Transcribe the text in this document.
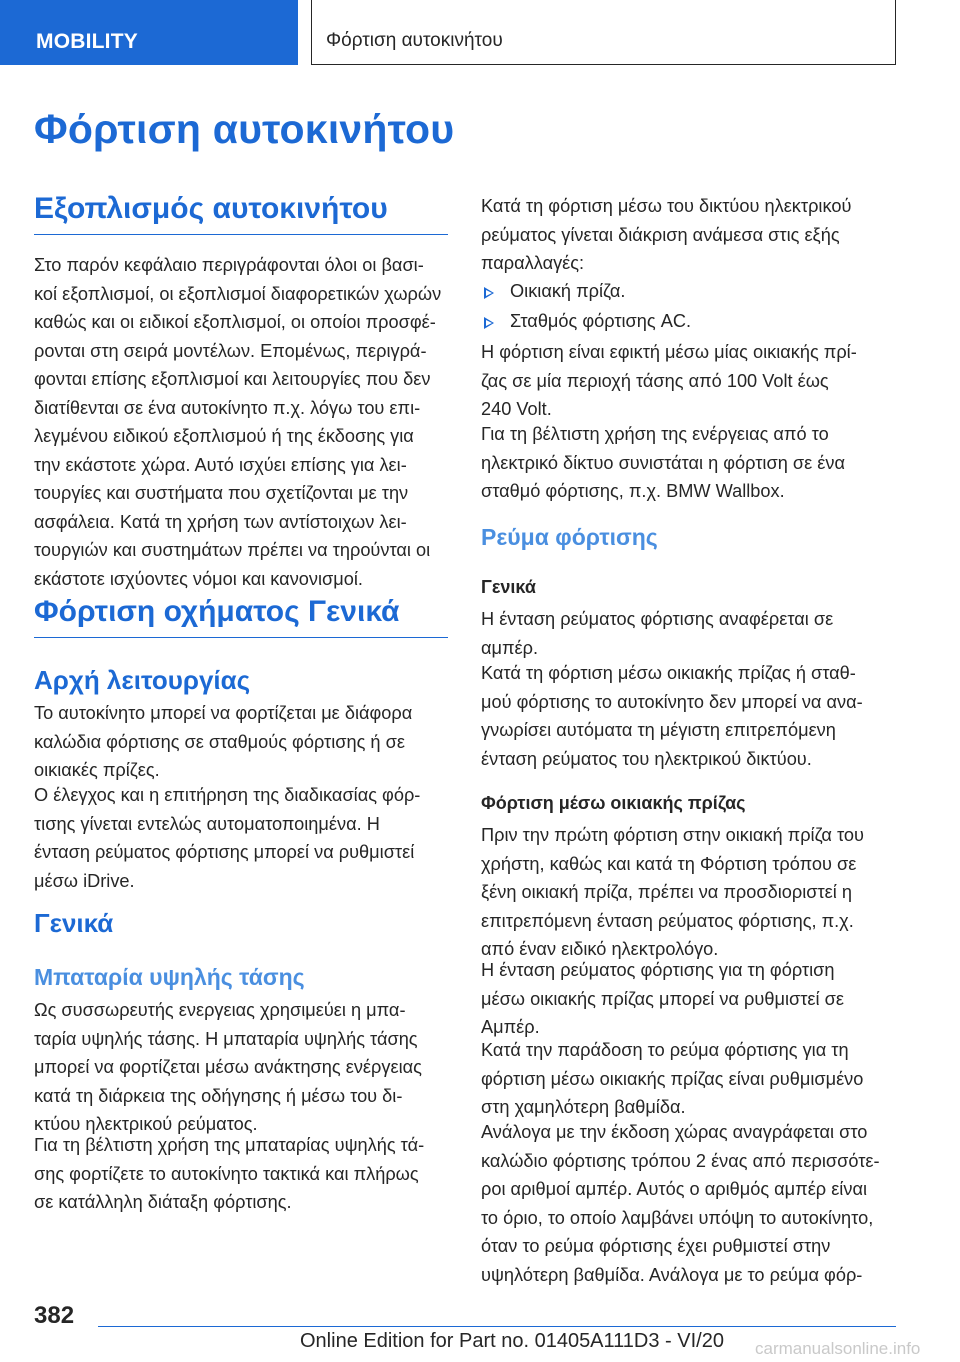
MOBILITY	Φόρτιση αυτοκινήτου
Φόρτιση αυτοκινήτου
Εξοπλισμός αυτοκινήτου
Στο παρόν κεφάλαιο περιγράφονται όλοι οι βασι‐
κοί εξοπλισμοί, οι εξοπλισμοί διαφορετικών χωρών
καθώς και οι ειδικοί εξοπλισμοί, οι οποίοι προσφέ‐
ρονται στη σειρά μοντέλων. Επομένως, περιγρά‐
φονται επίσης εξοπλισμοί και λειτουργίες που δεν
διατίθενται σε ένα αυτοκίνητο π.χ. λόγω του επι‐
λεγμένου ειδικού εξοπλισμού ή της έκδοσης για
την εκάστοτε χώρα. Αυτό ισχύει επίσης για λει‐
τουργίες και συστήματα που σχετίζονται με την
ασφάλεια. Κατά τη χρήση των αντίστοιχων λει‐
τουργιών και συστημάτων πρέπει να τηρούνται οι
εκάστοτε ισχύοντες νόμοι και κανονισμοί.
Φόρτιση οχήματος Γενικά
Αρχή λειτουργίας
Το αυτοκίνητο μπορεί να φορτίζεται με διάφορα
καλώδια φόρτισης σε σταθμούς φόρτισης ή σε
οικιακές πρίζες.
Ο έλεγχος και η επιτήρηση της διαδικασίας φόρ‐
τισης γίνεται εντελώς αυτοματοποιημένα. Η
ένταση ρεύματος φόρτισης μπορεί να ρυθμιστεί
μέσω iDrive.
Γενικά
Μπαταρία υψηλής τάσης
Ως συσσωρευτής ενεργειας χρησιμεύει η μπα‐
ταρία υψηλής τάσης. Η μπαταρία υψηλής τάσης
μπορεί να φορτίζεται μέσω ανάκτησης ενέργειας
κατά τη διάρκεια της οδήγησης ή μέσω του δι‐
κτύου ηλεκτρικού ρεύματος.
Για τη βέλτιστη χρήση της μπαταρίας υψηλής τά‐
σης φορτίζετε το αυτοκίνητο τακτικά και πλήρως
σε κατάλληλη διάταξη φόρτισης.
Κατά τη φόρτιση μέσω του δικτύου ηλεκτρικού
ρεύματος γίνεται διάκριση ανάμεσα στις εξής
παραλλαγές:
Οικιακή πρίζα.
Σταθμός φόρτισης AC.
Η φόρτιση είναι εφικτή μέσω μίας οικιακής πρί‐
ζας σε μία περιοχή τάσης από 100 Volt έως
240 Volt.
Για τη βέλτιστη χρήση της ενέργειας από το
ηλεκτρικό δίκτυο συνιστάται η φόρτιση σε ένα
σταθμό φόρτισης, π.χ. BMW Wallbox.
Ρεύμα φόρτισης
Γενικά
Η ένταση ρεύματος φόρτισης αναφέρεται σε
αμπέρ.
Κατά τη φόρτιση μέσω οικιακής πρίζας ή σταθ‐
μού φόρτισης το αυτοκίνητο δεν μπορεί να ανα‐
γνωρίσει αυτόματα τη μέγιστη επιτρεπόμενη
ένταση ρεύματος του ηλεκτρικού δικτύου.
Φόρτιση μέσω οικιακής πρίζας
Πριν την πρώτη φόρτιση στην οικιακή πρίζα του
χρήστη, καθώς και κατά τη Φόρτιση τρόπου σε
ξένη οικιακή πρίζα, πρέπει να προσδιοριστεί η
επιτρεπόμενη ένταση ρεύματος φόρτισης, π.χ.
από έναν ειδικό ηλεκτρολόγο.
Η ένταση ρεύματος φόρτισης για τη φόρτιση
μέσω οικιακής πρίζας μπορεί να ρυθμιστεί σε
Αμπέρ.
Κατά την παράδοση το ρεύμα φόρτισης για τη
φόρτιση μέσω οικιακής πρίζας είναι ρυθμισμένο
στη χαμηλότερη βαθμίδα.
Ανάλογα με την έκδοση χώρας αναγράφεται στο
καλώδιο φόρτισης τρόπου 2 ένας από περισσότε‐
ροι αριθμοί αμπέρ. Αυτός ο αριθμός αμπέρ είναι
το όριο, το οποίο λαμβάνει υπόψη το αυτοκίνητο,
όταν το ρεύμα φόρτισης έχει ρυθμιστεί στην
υψηλότερη βαθμίδα. Ανάλογα με το ρεύμα φόρ‐
382
Online Edition for Part no. 01405A111D3 - VI/20 carmanualsonline.info
